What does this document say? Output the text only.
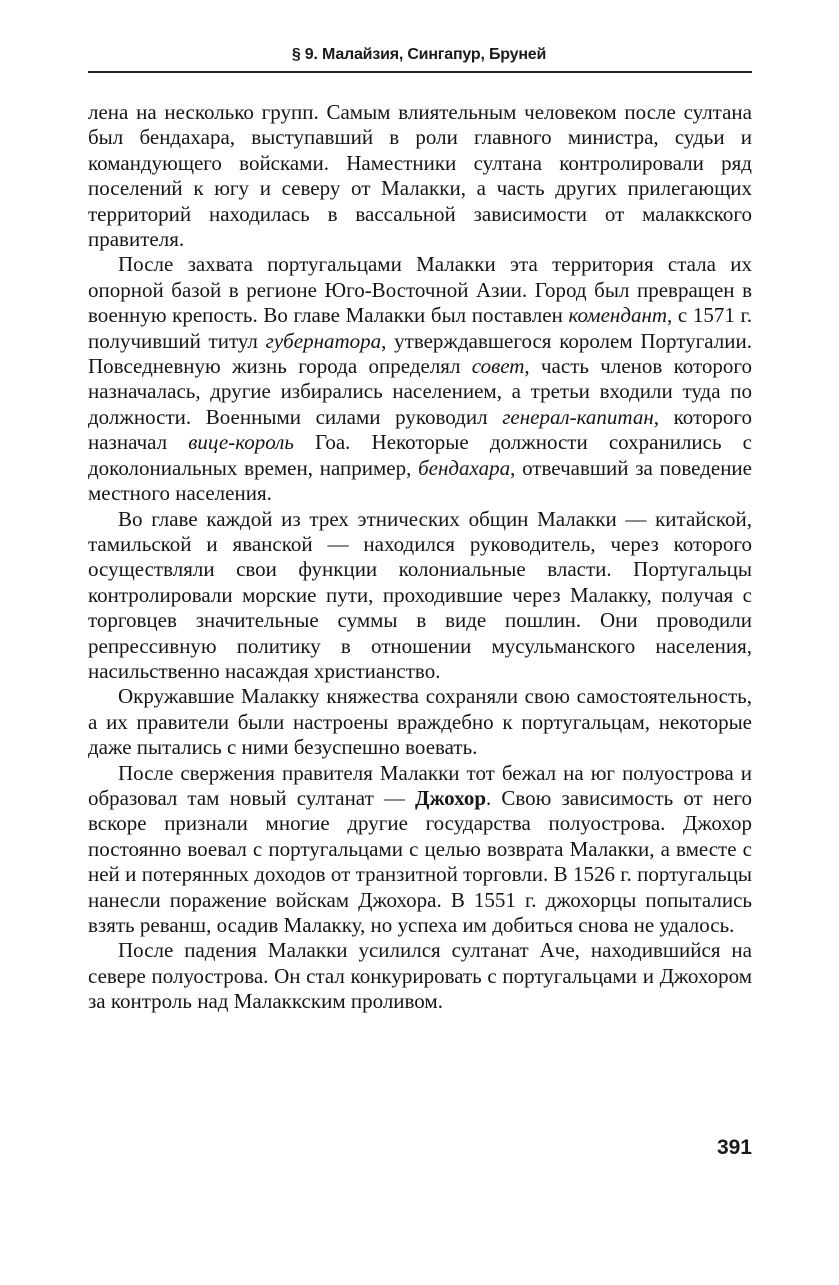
§ 9. Малайзия, Сингапур, Бруней

лена на несколько групп. Самым влиятельным человеком после султана был бендахара, выступавший в роли главного министра, судьи и командующего войсками. Наместники султана контролировали ряд поселений к югу и северу от Малакки, а часть других прилегающих территорий находилась в вассальной зависимости от малаккского правителя.

После захвата португальцами Малакки эта территория стала их опорной базой в регионе Юго-Восточной Азии. Город был превращен в военную крепость. Во главе Малакки был поставлен комендант, с 1571 г. получивший титул губернатора, утверждавшегося королем Португалии. Повседневную жизнь города определял совет, часть членов которого назначалась, другие избирались населением, а третьи входили туда по должности. Военными силами руководил генерал-капитан, которого назначал вице-король Гоа. Некоторые должности сохранились с доколониальных времен, например, бендахара, отвечавший за поведение местного населения.

Во главе каждой из трех этнических общин Малакки — китайской, тамильской и яванской — находился руководитель, через которого осуществляли свои функции колониальные власти. Португальцы контролировали морские пути, проходившие через Малакку, получая с торговцев значительные суммы в виде пошлин. Они проводили репрессивную политику в отношении мусульманского населения, насильственно насаждая христианство.

Окружавшие Малакку княжества сохраняли свою самостоятельность, а их правители были настроены враждебно к португальцам, некоторые даже пытались с ними безуспешно воевать.

После свержения правителя Малакки тот бежал на юг полуострова и образовал там новый султанат — Джохор. Свою зависимость от него вскоре признали многие другие государства полуострова. Джохор постоянно воевал с португальцами с целью возврата Малакки, а вместе с ней и потерянных доходов от транзитной торговли. В 1526 г. португальцы нанесли поражение войскам Джохора. В 1551 г. джохорцы попытались взять реванш, осадив Малакку, но успеха им добиться снова не удалось.

После падения Малакки усилился султанат Аче, находившийся на севере полуострова. Он стал конкурировать с португальцами и Джохором за контроль над Малаккским проливом.

391
